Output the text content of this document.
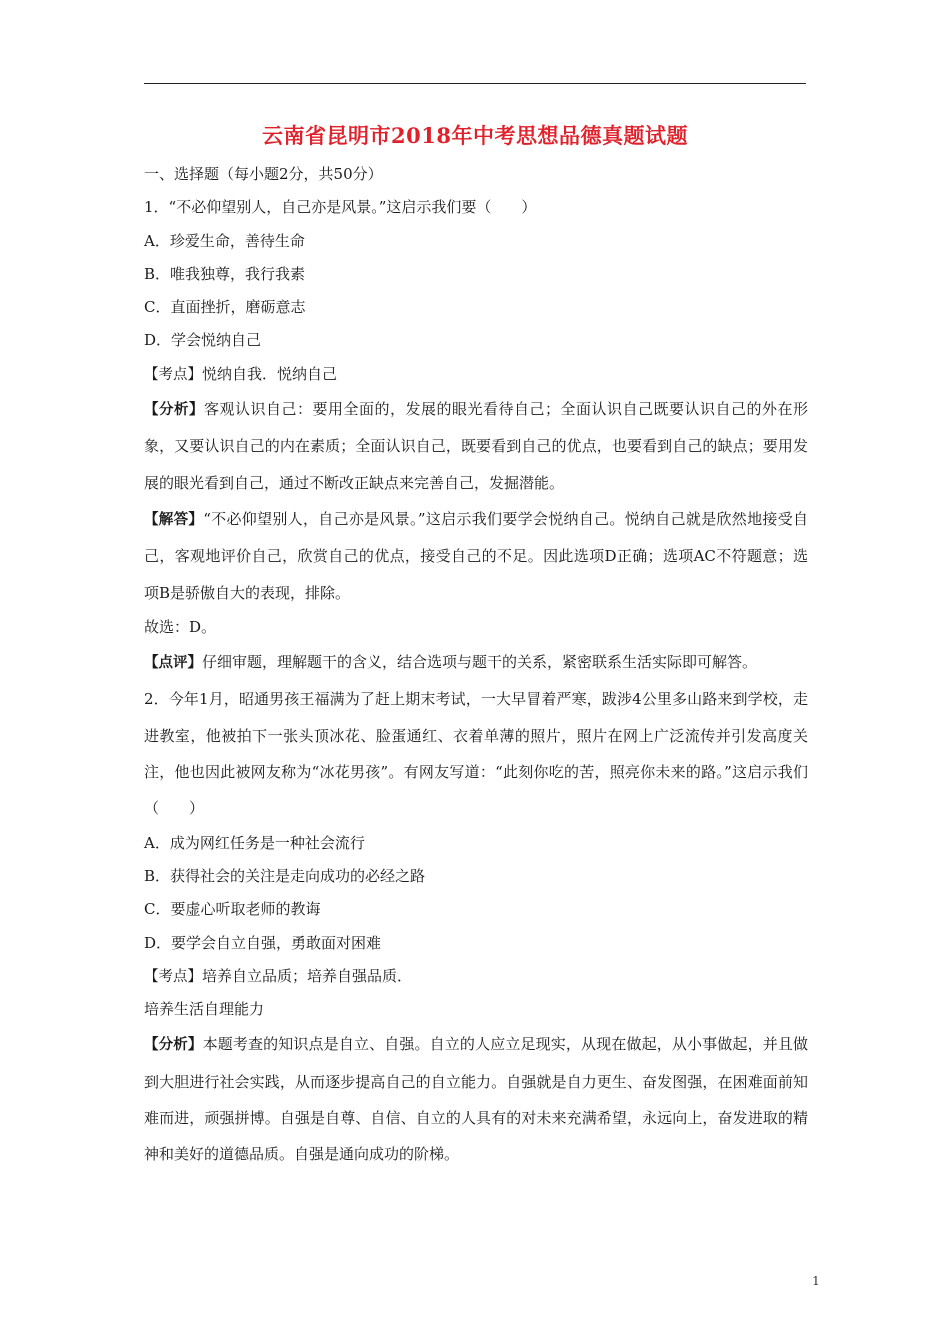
云南省昆明市2018年中考思想品德真题试题
一、选择题（每小题2分，共50分）
1．“不必仰望别人，自己亦是风景。”这启示我们要（　　）
A．珍爱生命，善待生命
B．唯我独尊，我行我素
C．直面挫折，磨砺意志
D．学会悦纳自己
【考点】悦纳自我．悦纳自己
【分析】客观认识自己：要用全面的，发展的眼光看待自己；全面认识自己既要认识自己的外在形象，又要认识自己的内在素质；全面认识自己，既要看到自己的优点，也要看到自己的缺点；要用发展的眼光看到自己，通过不断改正缺点来完善自己，发掘潜能。
【解答】“不必仰望别人，自己亦是风景。”这启示我们要学会悦纳自己。悦纳自己就是欣然地接受自己，客观地评价自己，欣赏自己的优点，接受自己的不足。因此选项D正确；选项AC不符题意；选项B是骄傲自大的表现，排除。
故选：D。
【点评】仔细审题，理解题干的含义，结合选项与题干的关系，紧密联系生活实际即可解答。
2．今年1月，昭通男孩王福满为了赶上期末考试，一大早冒着严寒，跋涉4公里多山路来到学校，走进教室，他被拍下一张头顶冰花、脸蛋通红、衣着单薄的照片，照片在网上广泛流传并引发高度关注，他也因此被网友称为“冰花男孩”。有网友写道：“此刻你吃的苦，照亮你未来的路。”这启示我们（　　）
A．成为网红任务是一种社会流行
B．获得社会的关注是走向成功的必经之路
C．要虚心听取老师的教诲
D．要学会自立自强，勇敢面对困难
【考点】培养自立品质；培养自强品质．
培养生活自理能力
【分析】本题考查的知识点是自立、自强。自立的人应立足现实，从现在做起，从小事做起，并且做到大胆进行社会实践，从而逐步提高自己的自立能力。自强就是自力更生、奋发图强，在困难面前知难而进，顽强拼博。自强是自尊、自信、自立的人具有的对未来充满希望，永远向上，奋发进取的精神和美好的道德品质。自强是通向成功的阶梯。
1
